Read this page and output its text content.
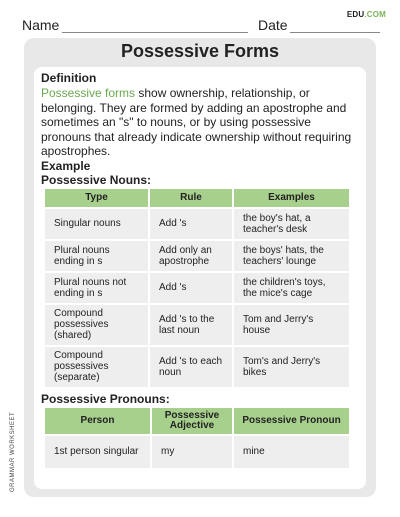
EDU.COM
Name	Date
GRAMMAR WORKSHEET
Possessive Forms
Definition

Possessive forms show ownership, relationship, or belonging. They are formed by adding an apostrophe and sometimes an "s" to nouns, or by using possessive pronouns that already indicate ownership without requiring apostrophes.

Example
Possessive Nouns:
Type	Rule	Examples
Singular nouns	Add 's	the boy's hat, a teacher's desk
Plural nouns ending in s	Add only an apostrophe	the boys' hats, the teachers' lounge
Plural nouns not ending in s	Add 's	the children's toys, the mice's cage
Compound possessives (shared)	Add 's to the last noun	Tom and Jerry's house
Compound possessives (separate)	Add 's to each noun	Tom's and Jerry's bikes
Possessive Pronouns:
Person	Possessive Adjective	Possessive Pronoun
1st person singular	my	mine
